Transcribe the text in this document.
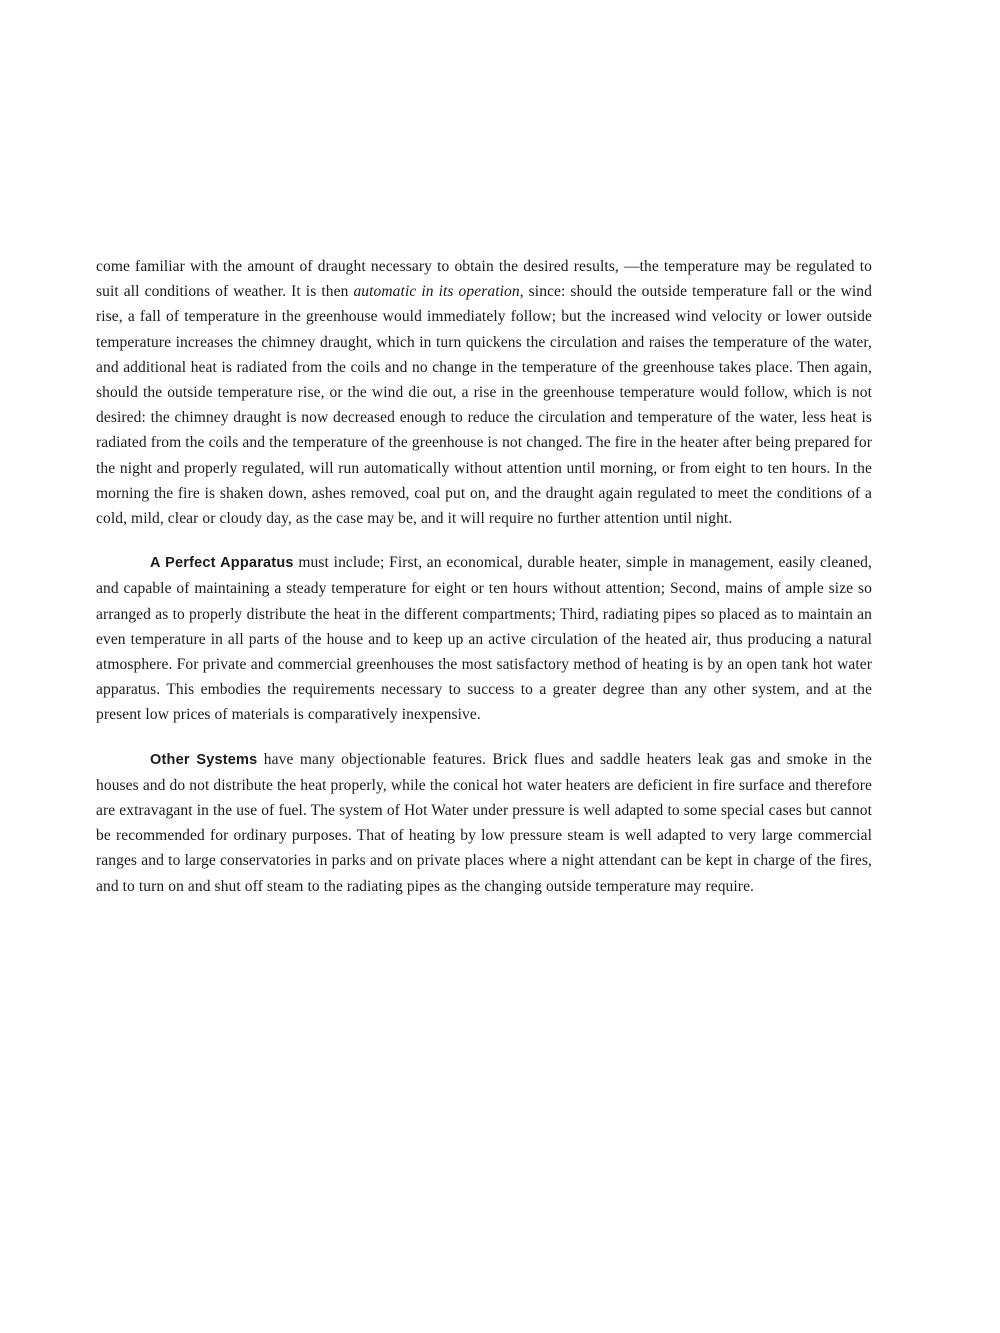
come familiar with the amount of draught necessary to obtain the desired results, —the temperature may be regulated to suit all conditions of weather. It is then automatic in its operation, since: should the outside temperature fall or the wind rise, a fall of temperature in the greenhouse would immediately follow; but the increased wind velocity or lower outside temperature increases the chimney draught, which in turn quickens the circulation and raises the temperature of the water, and additional heat is radiated from the coils and no change in the temperature of the greenhouse takes place. Then again, should the outside temperature rise, or the wind die out, a rise in the greenhouse temperature would follow, which is not desired: the chimney draught is now decreased enough to reduce the circulation and temperature of the water, less heat is radiated from the coils and the temperature of the greenhouse is not changed. The fire in the heater after being prepared for the night and properly regulated, will run automatically without attention until morning, or from eight to ten hours. In the morning the fire is shaken down, ashes removed, coal put on, and the draught again regulated to meet the conditions of a cold, mild, clear or cloudy day, as the case may be, and it will require no further attention until night.

A Perfect Apparatus must include; First, an economical, durable heater, simple in management, easily cleaned, and capable of maintaining a steady temperature for eight or ten hours without attention; Second, mains of ample size so arranged as to properly distribute the heat in the different compartments; Third, radiating pipes so placed as to maintain an even temperature in all parts of the house and to keep up an active circulation of the heated air, thus producing a natural atmosphere. For private and commercial greenhouses the most satisfactory method of heating is by an open tank hot water apparatus. This embodies the requirements necessary to success to a greater degree than any other system, and at the present low prices of materials is comparatively inexpensive.

Other Systems have many objectionable features. Brick flues and saddle heaters leak gas and smoke in the houses and do not distribute the heat properly, while the conical hot water heaters are deficient in fire surface and therefore are extravagant in the use of fuel. The system of Hot Water under pressure is well adapted to some special cases but cannot be recommended for ordinary purposes. That of heating by low pressure steam is well adapted to very large commercial ranges and to large conservatories in parks and on private places where a night attendant can be kept in charge of the fires, and to turn on and shut off steam to the radiating pipes as the changing outside temperature may require.
